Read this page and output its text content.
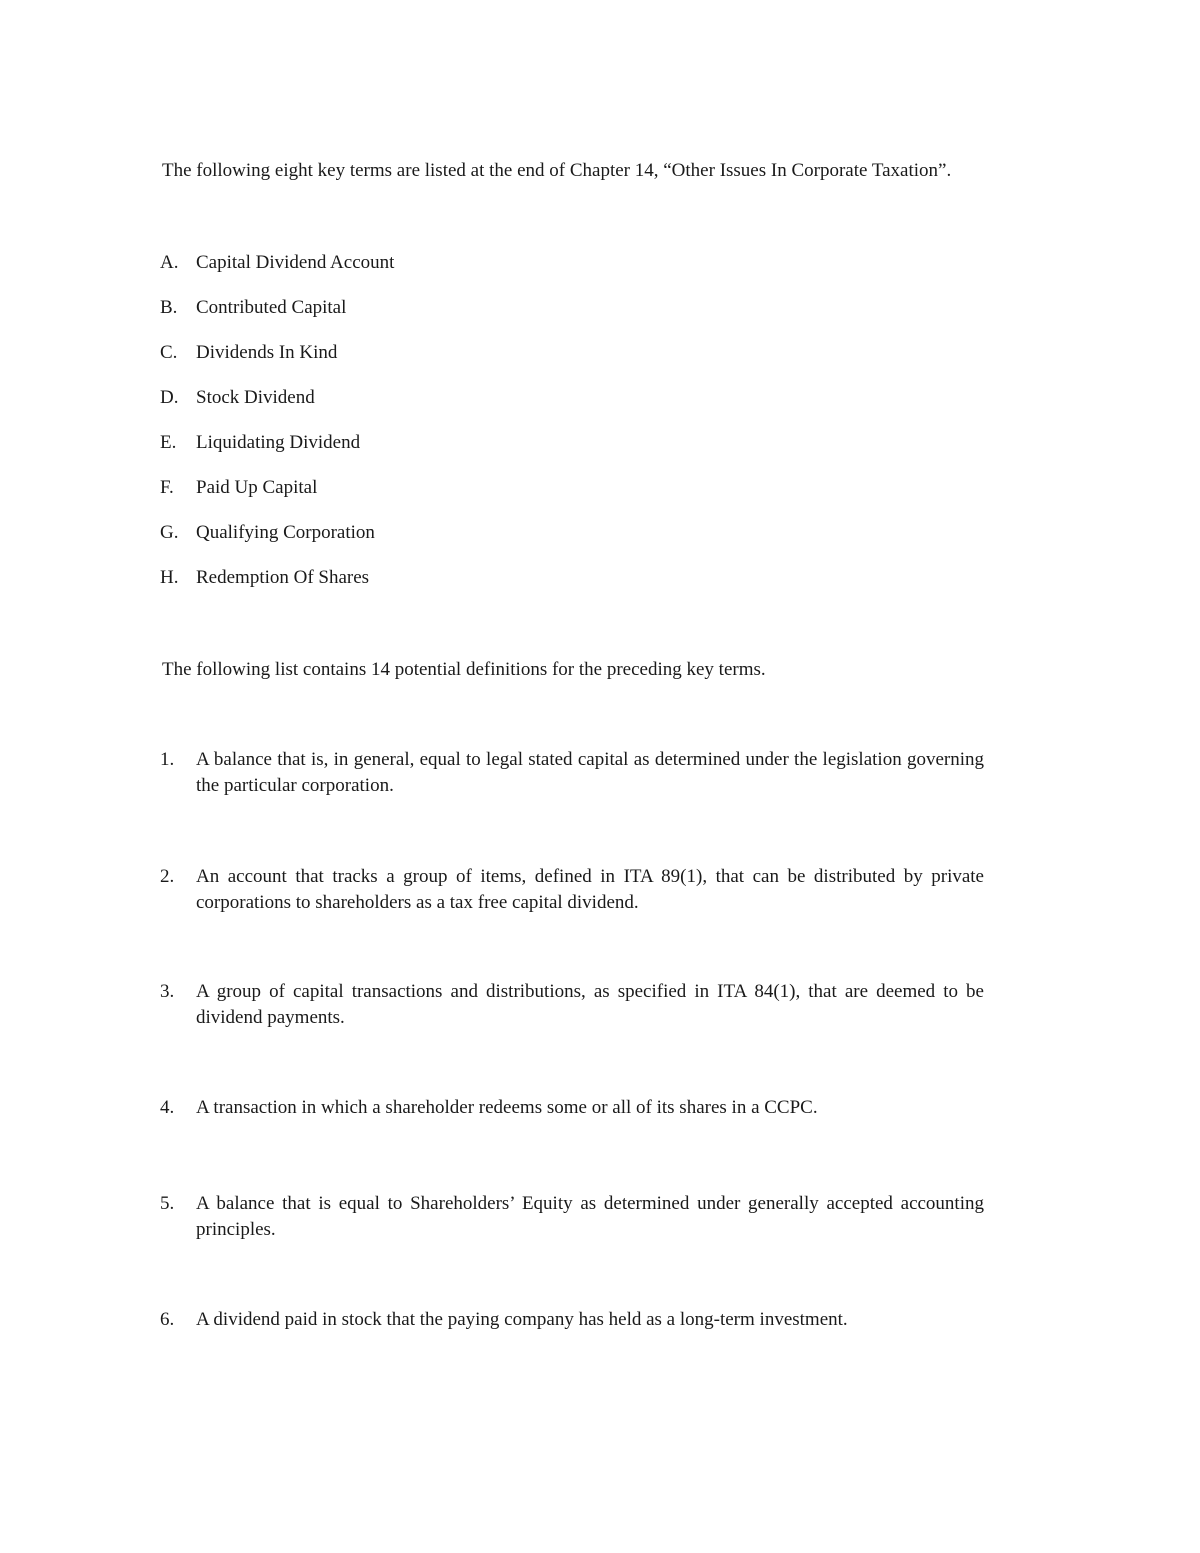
The following eight key terms are listed at the end of Chapter 14, “Other Issues In Corporate Taxation”.

A. Capital Dividend Account
B. Contributed Capital
C. Dividends In Kind
D. Stock Dividend
E.	Liquidating Dividend
F.	Paid Up Capital
G. Qualifying Corporation
H. Redemption Of Shares

The following list contains 14 potential definitions for the preceding key terms.

1.	A balance that is, in general, equal to legal stated capital as determined under the legislation governing the particular corporation.
2.	An account that tracks a group of items, defined in ITA 89(1), that can be distributed by private corporations to shareholders as a tax free capital dividend.
3.	A group of capital transactions and distributions, as specified in ITA 84(1), that are deemed to be dividend payments.
4.	A transaction in which a shareholder redeems some or all of its shares in a CCPC.
5.	A balance that is equal to Shareholders’ Equity as determined under generally accepted accounting principles.
6.	A dividend paid in stock that the paying company has held as a long-term investment.
